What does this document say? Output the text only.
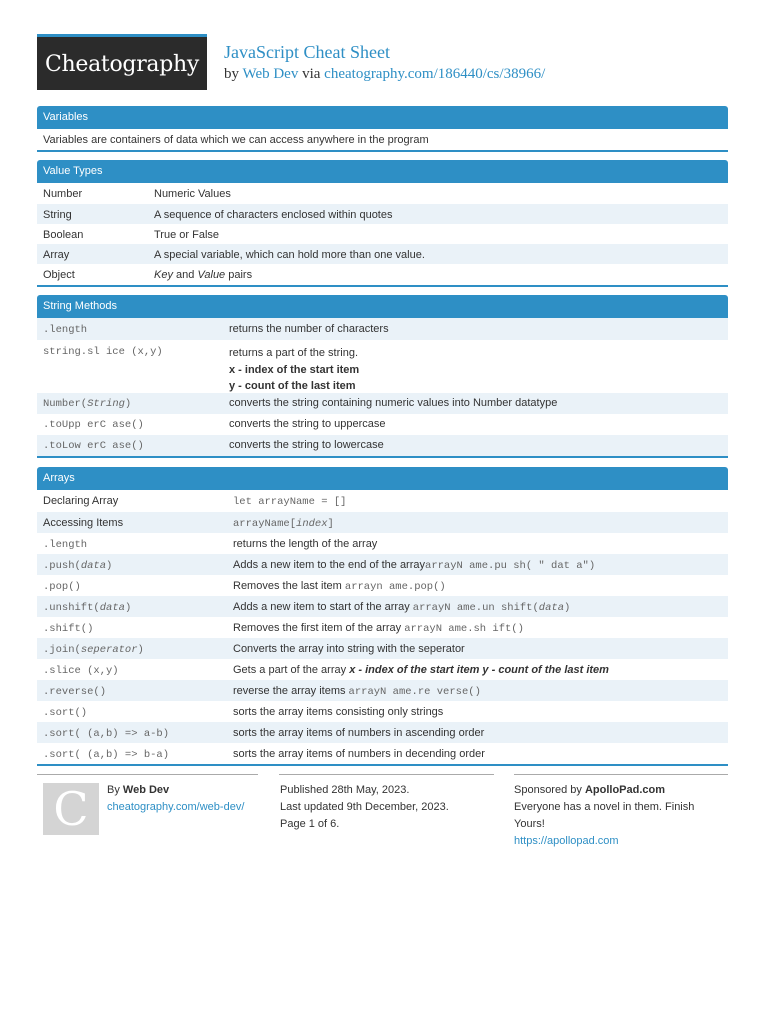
Cheatography	JavaScript Cheat Sheet
by Web Dev via cheatography.com/186440/cs/38966/
Variables
Variables are containers of data which we can access anywhere in the program
Value Types
Number	Numeric Values
String	A sequence of characters enclosed within quotes
Boolean	True or False
Array	A special variable, which can hold more than one value.
Object	Key and Value pairs
String Methods
.length	returns the number of characters
string.sl ice (x,y)	returns a part of the string.
x - index of the start item
y - count of the last item
Number(String)	converts the string containing numeric values into Number datatype
.toUpp erC ase()	converts the string to uppercase
.toLow erC ase()	converts the string to lowercase
Arrays
Declaring Array	let arrayName = []
Accessing Items	arrayName[index]
.length	returns the length of the array
.push(data)	Adds a new item to the end of the arrayarrayN ame.pu sh( " dat a")
.pop()	Removes the last item arrayn ame.pop()
.unshift(data)	Adds a new item to start of the array arrayN ame.un shift(data)
.shift()	Removes the first item of the array arrayN ame.sh ift()
.join(seperator)	Converts the array into string with the seperator
.slice (x,y)	Gets a part of the array x - index of the start item y - count of the last item
.reverse()	reverse the array items arrayN ame.re verse()
.sort()	sorts the array items consisting only strings
.sort( (a,b) => a-b)	sorts the array items of numbers in ascending order
.sort( (a,b) => b-a)	sorts the array items of numbers in decending order
C	By Web Dev
cheatography.com/web-dev/
Published 28th May, 2023.
Last updated 9th December, 2023.
Page 1 of 6.
Sponsored by ApolloPad.com
Everyone has a novel in them. Finish Yours!
https://apollopad.com
